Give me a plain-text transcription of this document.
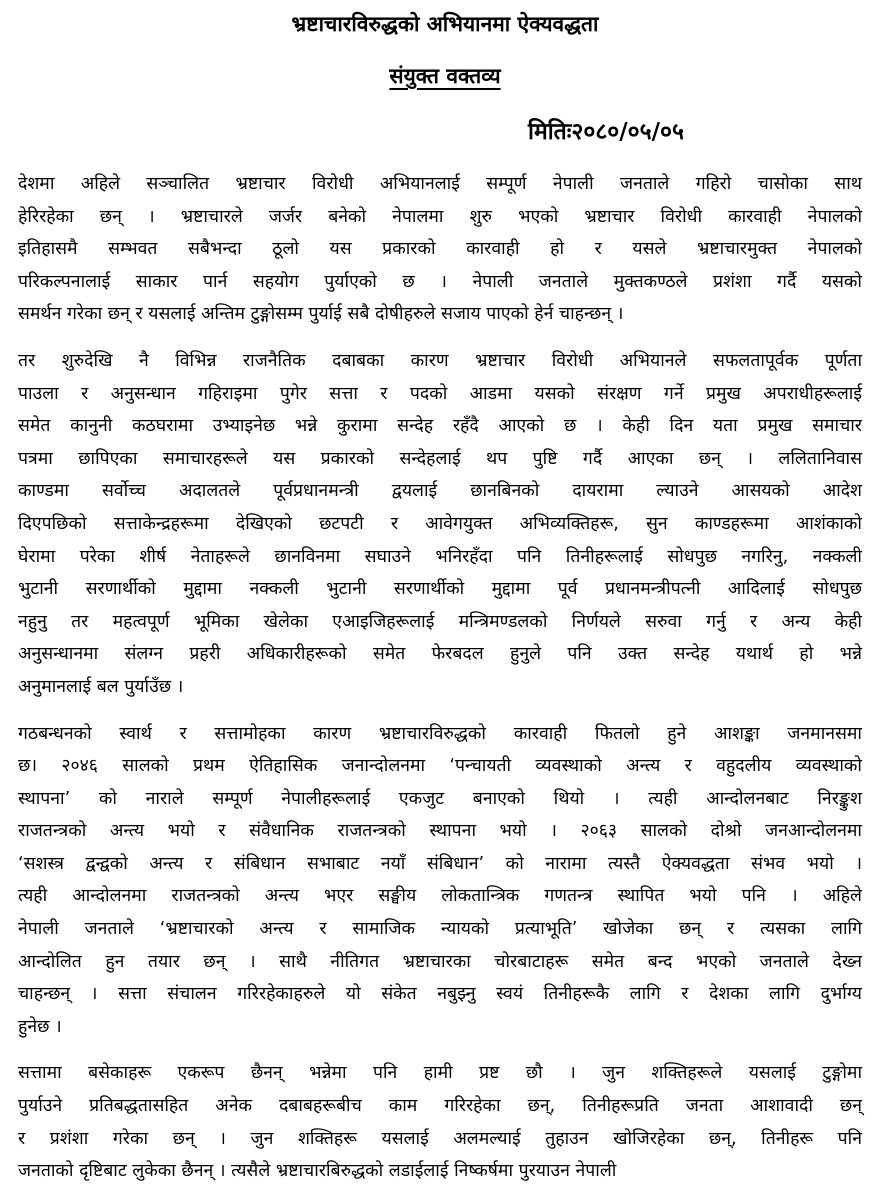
भ्रष्टाचारविरुद्धको अभियानमा ऐक्यवद्धता
संयुक्त वक्तव्य
मितिः२०८०/०५/०५
देशमा अहिले सञ्चालित भ्रष्टाचार विरोधी अभियानलाई सम्पूर्ण नेपाली जनताले गहिरो चासोका साथ
हेरिरहेका छन् । भ्रष्टाचारले जर्जर बनेको नेपालमा शुरु भएको भ्रष्टाचार विरोधी कारवाही नेपालको
इतिहासमै सम्भवत सबैभन्दा ठूलो यस प्रकारको कारवाही हो र यसले भ्रष्टाचारमुक्त नेपालको
परिकल्पनालाई साकार पार्न सहयोग पुर्याएको छ । नेपाली जनताले मुक्तकण्ठले प्रशंशा गर्दै यसको
समर्थन गरेका छन् र यसलाई अन्तिम टुङ्गोसम्म पुर्याई सबै दोषीहरुले सजाय पाएको हेर्न चाहन्छन् ।
तर शुरुदेखि नै विभिन्न राजनैतिक दबाबका कारण भ्रष्टाचार विरोधी अभियानले सफलतापूर्वक पूर्णता
पाउला र अनुसन्धान गहिराइमा पुगेर सत्ता र पदको आडमा यसको संरक्षण गर्ने प्रमुख अपराधीहरूलाई
समेत कानुनी कठघरामा उभ्याइनेछ भन्ने कुरामा सन्देह रहँदै आएको छ । केही दिन यता प्रमुख समाचार
पत्रमा छापिएका समाचारहरूले यस प्रकारको सन्देहलाई थप पुष्टि गर्दै आएका छन् । ललितानिवास
काण्डमा सर्वोच्च अदालतले पूर्वप्रधानमन्त्री द्वयलाई छानबिनको दायरामा ल्याउने आसयको आदेश
दिएपछिको सत्ताकेन्द्रहरूमा देखिएको छटपटी र आवेगयुक्त अभिव्यक्तिहरू, सुन काण्डहरूमा आशंकाको
घेरामा परेका शीर्ष नेताहरूले छानविनमा सघाउने भनिरहँदा पनि तिनीहरूलाई सोधपुछ नगरिनु, नक्कली
भुटानी सरणार्थीको मुद्दामा नक्कली भुटानी सरणार्थीको मुद्दामा पूर्व प्रधानमन्त्रीपत्नी आदिलाई सोधपुछ
नहुनु तर महत्वपूर्ण भूमिका खेलेका एआइजिहरूलाई मन्त्रिमण्डलको निर्णयले सरुवा गर्नु र अन्य केही
अनुसन्धानमा संलग्न प्रहरी अधिकारीहरूको समेत फेरबदल हुनुले पनि उक्त सन्देह यथार्थ हो भन्ने
अनुमानलाई बल पुर्याउँछ ।
गठबन्धनको स्वार्थ र सत्तामोहका कारण भ्रष्टाचारविरुद्धको कारवाही फितलो हुने आशङ्का जनमानसमा
छ। २०४६ सालको प्रथम ऐतिहासिक जनान्दोलनमा ‘पन्चायती व्यवस्थाको अन्त्य र वहुदलीय व्यवस्थाको
स्थापना’ को नाराले सम्पूर्ण नेपालीहरूलाई एकजुट बनाएको थियो । त्यही आन्दोलनबाट निरङ्कुश
राजतन्त्रको अन्त्य भयो र संवैधानिक राजतन्त्रको स्थापना भयो । २०६३ सालको दोश्रो जनआन्दोलनमा
‘सशस्त्र द्वन्द्वको अन्त्य र संबिधान सभाबाट नयाँ संबिधान’ को नारामा त्यस्तै ऐक्यवद्धता संभव भयो ।
त्यही आन्दोलनमा राजतन्त्रको अन्त्य भएर सङ्घीय लोकतान्त्रिक गणतन्त्र स्थापित भयो पनि । अहिले
नेपाली जनताले ‘भ्रष्टाचारको अन्त्य र सामाजिक न्यायको प्रत्याभूति’ खोजेका छन् र त्यसका लागि
आन्दोलित हुन तयार छन् । साथै नीतिगत भ्रष्टाचारका चोरबाटाहरू समेत बन्द भएको जनताले देख्न
चाहन्छन् । सत्ता संचालन गरिरहेकाहरुले यो संकेत नबुझ्नु स्वयं तिनीहरूकै लागि र देशका लागि दुर्भाग्य
हुनेछ ।
सत्तामा बसेकाहरू एकरूप छैनन् भन्नेमा पनि हामी प्रष्ट छौ । जुन शक्तिहरूले यसलाई टुङ्गोमा
पुर्याउने प्रतिबद्धतासहित अनेक दबाबहरूबीच काम गरिरहेका छन्, तिनीहरूप्रति जनता आशावादी छन्
र प्रशंशा गरेका छन् । जुन शक्तिहरू यसलाई अलमल्याई तुहाउन खोजिरहेका छन्, तिनीहरू पनि
जनताको दृष्टिबाट लुकेका छैनन् । त्यसैले भ्रष्टाचारबिरुद्धको लडाईलाई निष्कर्षमा पुरयाउन नेपाली
